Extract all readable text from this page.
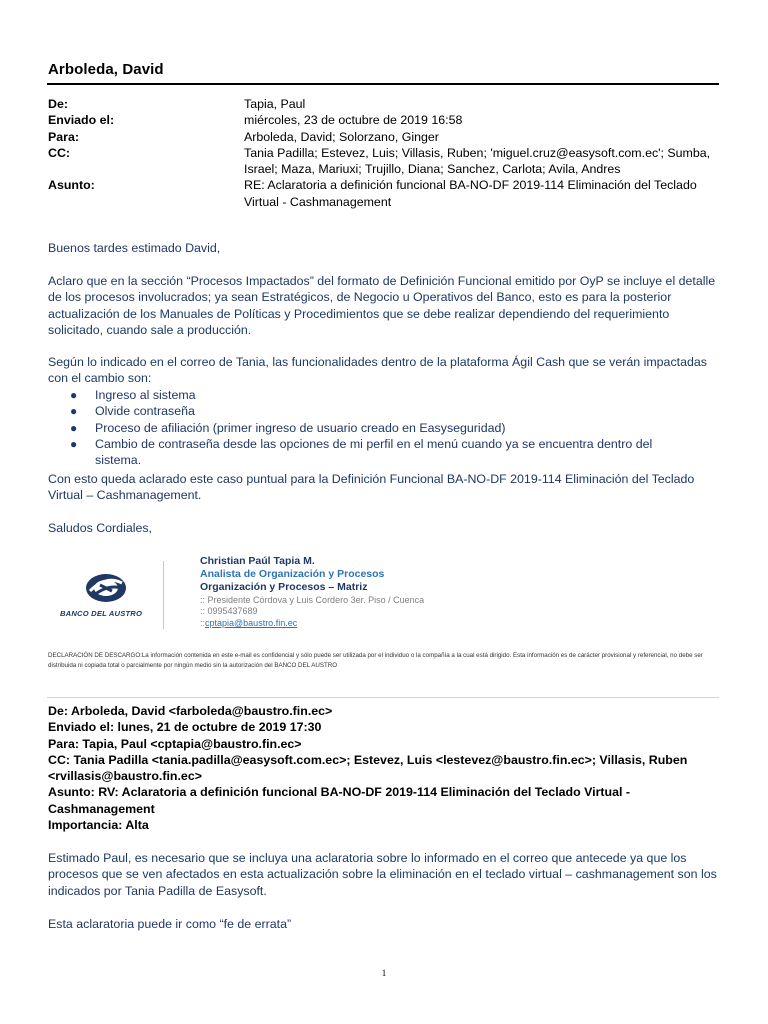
Arboleda, David
De:	Tapia, Paul
Enviado el:	miércoles, 23 de octubre de 2019 16:58
Para:	Arboleda, David; Solorzano, Ginger
CC:	Tania Padilla; Estevez, Luis; Villasis, Ruben; 'miguel.cruz@easysoft.com.ec'; Sumba, Israel; Maza, Mariuxi; Trujillo, Diana; Sanchez, Carlota; Avila, Andres
Asunto:	RE: Aclaratoria a definición funcional BA-NO-DF 2019-114 Eliminación del Teclado Virtual - Cashmanagement
Buenos tardes estimado David,
Aclaro que en la sección “Procesos Impactados” del formato de Definición Funcional emitido por OyP se incluye el detalle de los procesos involucrados; ya sean Estratégicos, de Negocio u Operativos del Banco, esto es para la posterior actualización de los Manuales de Políticas y Procedimientos que se debe realizar dependiendo del requerimiento solicitado, cuando sale a producción.
Según lo indicado en el correo de Tania, las funcionalidades dentro de la plataforma Ágil Cash que se verán impactadas con el cambio son:
● Ingreso al sistema
● Olvide contraseña
● Proceso de afiliación (primer ingreso de usuario creado en Easyseguridad)
● Cambio de contraseña desde las opciones de mi perfil en el menú cuando ya se encuentra dentro del sistema.
Con esto queda aclarado este caso puntual para la Definición Funcional BA-NO-DF 2019-114 Eliminación del Teclado Virtual – Cashmanagement.
Saludos Cordiales,
BANCO DEL AUSTRO
Christian Paúl Tapia M.
Analista de Organización y Procesos
Organización y Procesos – Matriz
:: Presidente Córdova y Luis Cordero 3er. Piso / Cuenca
:: 0995437689
::cptapia@baustro.fin.ec
DECLARACIÓN DE DESCARGO:La información contenida en este e-mail es confidencial y sólo puede ser utilizada por el individuo o la compañía a la cual está dirigido. Esta información es de carácter provisional y referencial, no debe ser distribuida ni copiada total o parcialmente por ningún medio sin la autorización del BANCO DEL AUSTRO
De: Arboleda, David <farboleda@baustro.fin.ec>
Enviado el: lunes, 21 de octubre de 2019 17:30
Para: Tapia, Paul <cptapia@baustro.fin.ec>
CC: Tania Padilla <tania.padilla@easysoft.com.ec>; Estevez, Luis <lestevez@baustro.fin.ec>; Villasis, Ruben <rvillasis@baustro.fin.ec>
Asunto: RV: Aclaratoria a definición funcional BA-NO-DF 2019-114 Eliminación del Teclado Virtual - Cashmanagement
Importancia: Alta
Estimado Paul, es necesario que se incluya una aclaratoria sobre lo informado en el correo que antecede ya que los procesos que se ven afectados en esta actualización sobre la eliminación en el teclado virtual – cashmanagement son los indicados por Tania Padilla de Easysoft.
Esta aclaratoria puede ir como “fe de errata”
1
